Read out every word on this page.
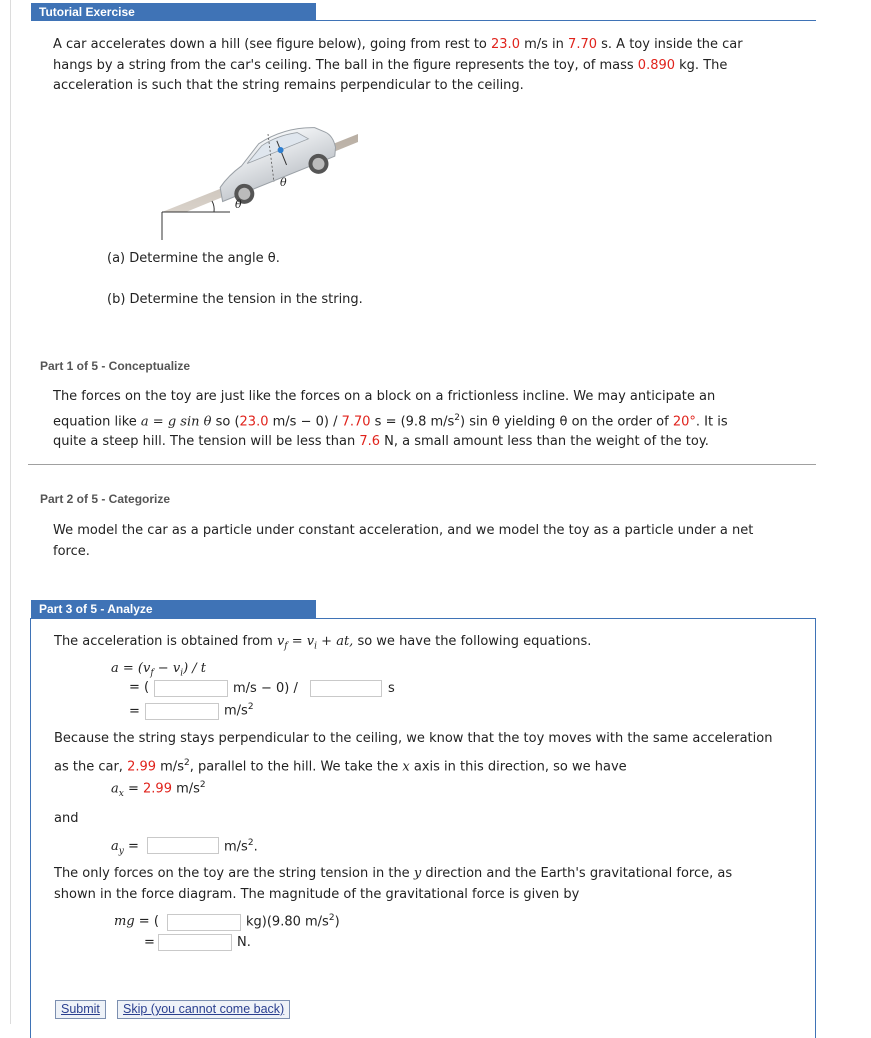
Tutorial Exercise
A car accelerates down a hill (see figure below), going from rest to 23.0 m/s in 7.70 s. A toy inside the car
hangs by a string from the car's ceiling. The ball in the figure represents the toy, of mass 0.890 kg. The
acceleration is such that the string remains perpendicular to the ceiling.
θ
θ
(a) Determine the angle θ.
(b) Determine the tension in the string.
Part 1 of 5 - Conceptualize
The forces on the toy are just like the forces on a block on a frictionless incline. We may anticipate an
equation like a = g sin θ so (23.0 m/s − 0) / 7.70 s = (9.8 $m/s^2$) sin θ yielding θ on the order of 20°. It is
quite a steep hill. The tension will be less than 7.6 N, a small amount less than the weight of the toy.
Part 2 of 5 - Categorize
We model the car as a particle under constant acceleration, and we model the toy as a particle under a net
force.
Part 3 of 5 - Analyze
The acceleration is obtained from $v_f = v_i$ + at, so we have the following equations.
$a = (v_f - v_i) / t$
= (	m/s − 0) /	s
=	$m/s^2$
Because the string stays perpendicular to the ceiling, we know that the toy moves with the same acceleration
as the car, 2.99 $m/s^2$, parallel to the hill. We take the x axis in this direction, so we have
$a_x = 2.99$ $m/s^2$
and
$a_y$ =	$m/s^2$.
The only forces on the toy are the string tension in the y direction and the Earth's gravitational force, as
shown in the force diagram. The magnitude of the gravitational force is given by
mg = (	kg)(9.80 $m/s^2$)
=	N.
Submit	Skip (you cannot come back)
